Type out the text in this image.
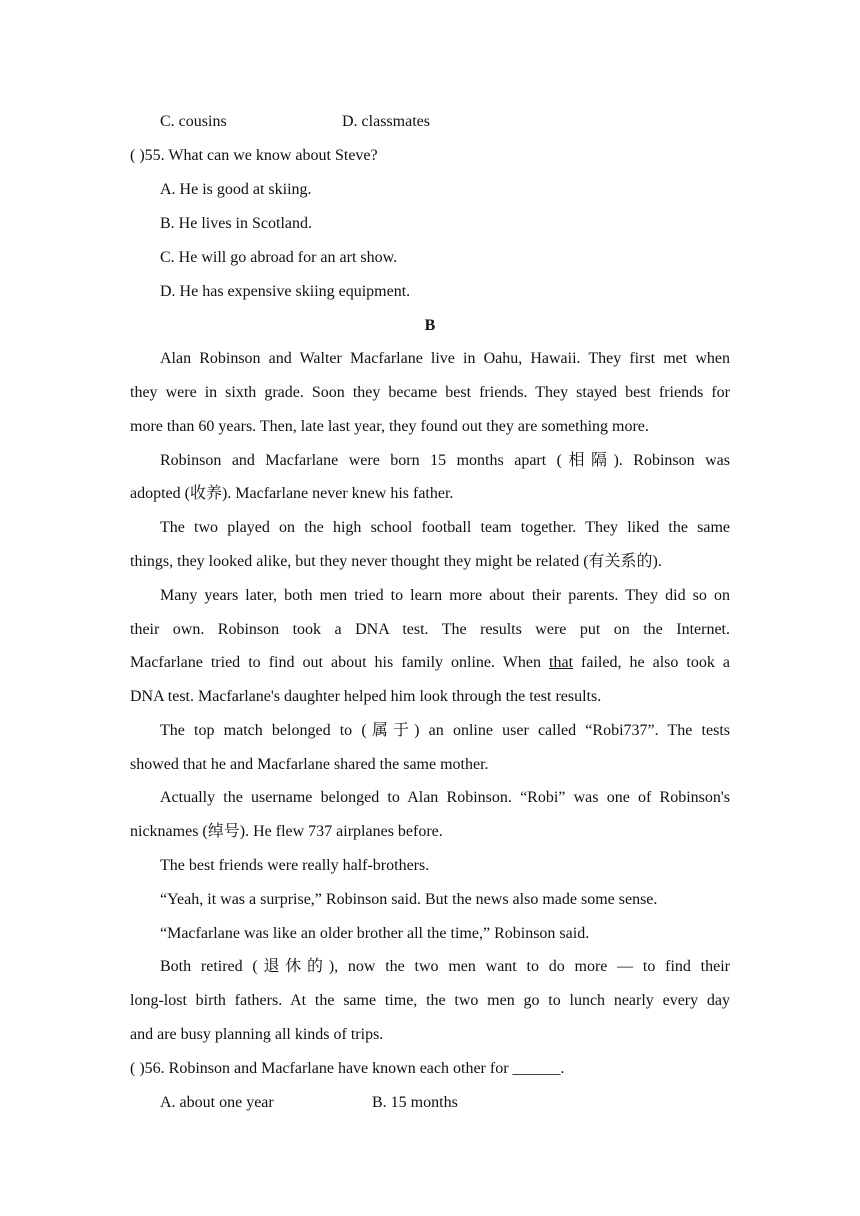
C. cousins	D. classmates
( )55. What can we know about Steve?
A. He is good at skiing.
B. He lives in Scotland.
C. He will go abroad for an art show.
D. He has expensive skiing equipment.
B
Alan Robinson and Walter Macfarlane live in Oahu, Hawaii. They first met when
they were in sixth grade. Soon they became best friends. They stayed best friends for
more than 60 years. Then, late last year, they found out they are something more.
Robinson and Macfarlane were born 15 months apart (相隔). Robinson was
adopted (收养). Macfarlane never knew his father.
The two played on the high school football team together. They liked the same
things, they looked alike, but they never thought they might be related (有关系的).
Many years later, both men tried to learn more about their parents. They did so on
their own. Robinson took a DNA test. The results were put on the Internet.
Macfarlane tried to find out about his family online. When that failed, he also took a
DNA test. Macfarlane's daughter helped him look through the test results.
The top match belonged to (属于) an online user called “Robi737”. The tests
showed that he and Macfarlane shared the same mother.
Actually the username belonged to Alan Robinson. “Robi” was one of Robinson's
nicknames (绰号). He flew 737 airplanes before.
The best friends were really half-brothers.
“Yeah, it was a surprise,” Robinson said. But the news also made some sense.
“Macfarlane was like an older brother all the time,” Robinson said.
Both retired (退休的), now the two men want to do more — to find their
long-lost birth fathers. At the same time, the two men go to lunch nearly every day
and are busy planning all kinds of trips.
( )56. Robinson and Macfarlane have known each other for ______.
A. about one year	B. 15 months
